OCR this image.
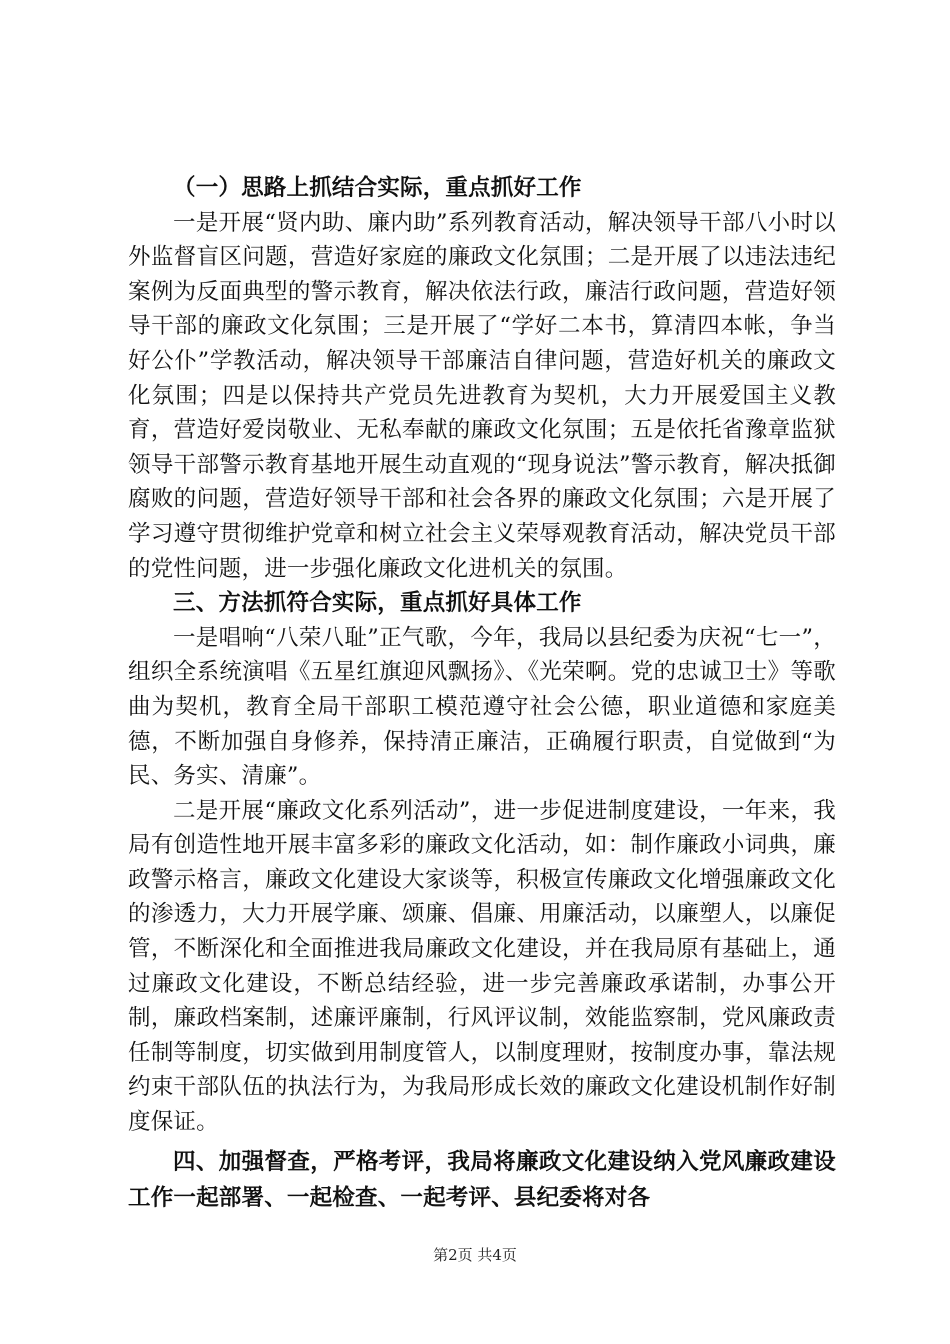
（一）思路上抓结合实际，重点抓好工作

一是开展“贤内助、廉内助”系列教育活动，解决领导干部八小时以外监督盲区问题，营造好家庭的廉政文化氛围；二是开展了以违法违纪案例为反面典型的警示教育，解决依法行政，廉洁行政问题，营造好领导干部的廉政文化氛围；三是开展了“学好二本书，算清四本帐，争当好公仆”学教活动，解决领导干部廉洁自律问题，营造好机关的廉政文化氛围；四是以保持共产党员先进教育为契机，大力开展爱国主义教育，营造好爱岗敬业、无私奉献的廉政文化氛围；五是依托省豫章监狱领导干部警示教育基地开展生动直观的“现身说法”警示教育，解决抵御腐败的问题，营造好领导干部和社会各界的廉政文化氛围；六是开展了学习遵守贯彻维护党章和树立社会主义荣辱观教育活动，解决党员干部的党性问题，进一步强化廉政文化进机关的氛围。

三、方法抓符合实际，重点抓好具体工作

一是唱响“八荣八耻”正气歌，今年，我局以县纪委为庆祝“七一”，组织全系统演唱《五星红旗迎风飘扬》、《光荣啊。党的忠诚卫士》等歌曲为契机，教育全局干部职工模范遵守社会公德，职业道德和家庭美德，不断加强自身修养，保持清正廉洁，正确履行职责，自觉做到“为民、务实、清廉”。

二是开展“廉政文化系列活动”，进一步促进制度建设，一年来，我局有创造性地开展丰富多彩的廉政文化活动，如：制作廉政小词典，廉政警示格言，廉政文化建设大家谈等，积极宣传廉政文化增强廉政文化的渗透力，大力开展学廉、颂廉、倡廉、用廉活动，以廉塑人，以廉促管，不断深化和全面推进我局廉政文化建设，并在我局原有基础上，通过廉政文化建设，不断总结经验，进一步完善廉政承诺制，办事公开制，廉政档案制，述廉评廉制，行风评议制，效能监察制，党风廉政责任制等制度，切实做到用制度管人，以制度理财，按制度办事，靠法规约束干部队伍的执法行为，为我局形成长效的廉政文化建设机制作好制度保证。

四、加强督查，严格考评，我局将廉政文化建设纳入党风廉政建设工作一起部署、一起检查、一起考评、县纪委将对各

第2页 共4页
